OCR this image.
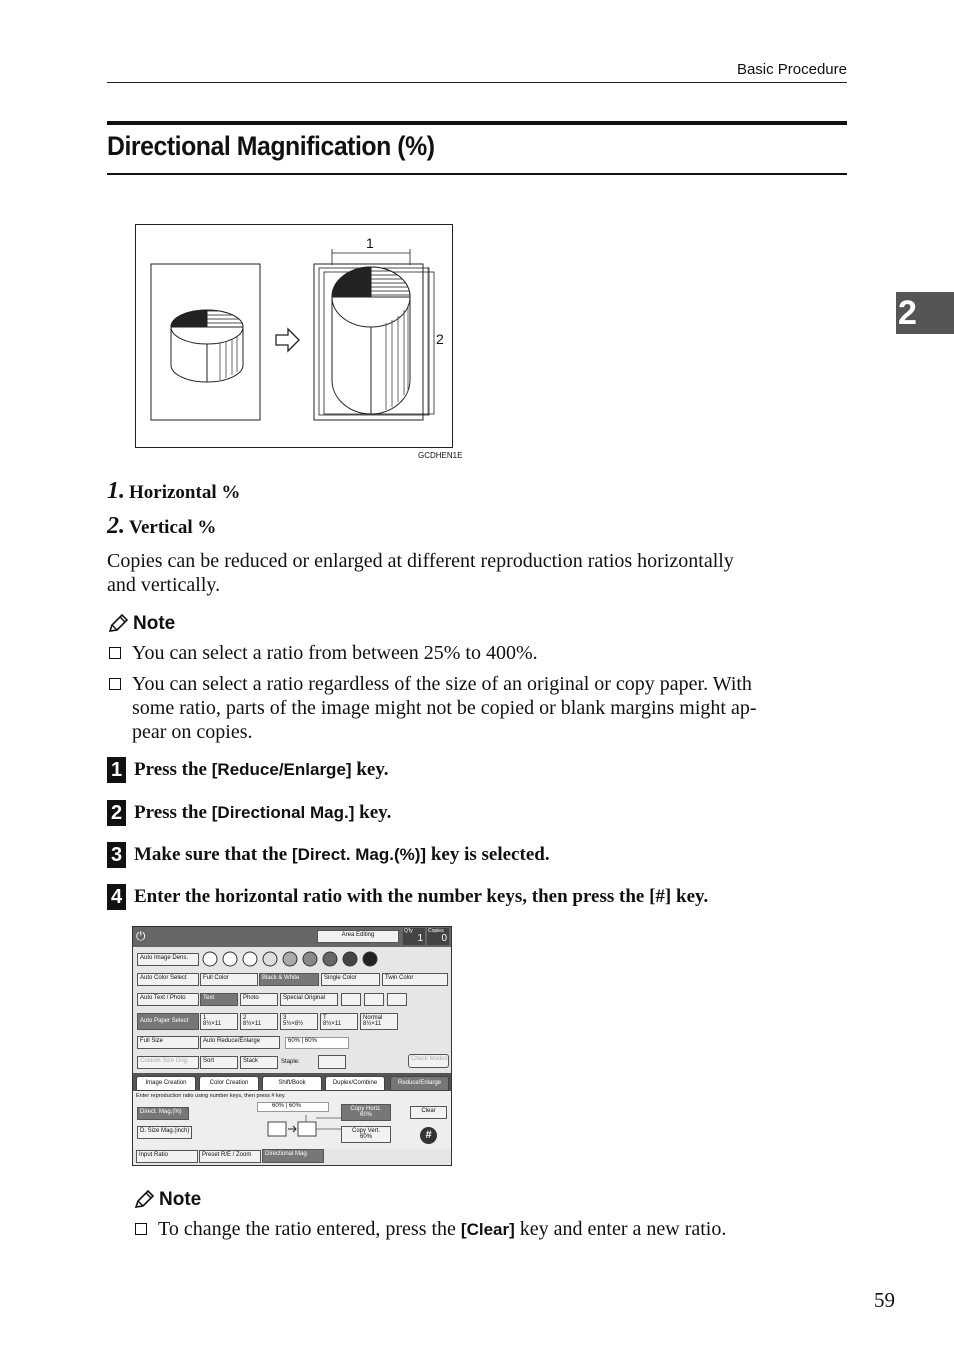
Basic Procedure
2
Directional Magnification (%)
1
2
GCDHEN1E
1. Horizontal %
2. Vertical %
Copies can be reduced or enlarged at different reproduction ratios horizontally
and vertically.
Note
You can select a ratio from between 25% to 400%.
You can select a ratio regardless of the size of an original or copy paper. With
some ratio, parts of the image might not be copied or blank margins might ap-
pear on copies.
1 Press the [Reduce/Enlarge] key.
2 Press the [Directional Mag.] key.
3 Make sure that the [Direct. Mag.(%)] key is selected.
4 Enter the horizontal ratio with the number keys, then press the [#] key.
⏻	Area Editing
Q'ty
1
Copies
0
Auto Image Dens.
Auto Color Select	Full Color	Black & White	Single Color	Twin Color
Auto Text / Photo	Text	Photo	Special Original
Auto Paper Select	1
8½×11
2
8½×11
3
5½×8½
T
8½×11
Normal
8½×11
Full Size	Auto Reduce/Enlarge	60% | 60%
Custom Size Orig.	Sort	Stack	Staple:	Check Modes
Image Creation	Color Creation	Shift/Book	Duplex/Combine	Reduce/Enlarge
Enter reproduction ratio using number keys, then press # key.
Direct. Mag.(%)
D. Size Mag.(inch)
60% | 60%	Copy Horiz.
60%
Copy Vert.
60%
Clear
#
Input Ratio	Preset R/E / Zoom	Directional Mag.
Note
To change the ratio entered, press the [Clear] key and enter a new ratio.
59
